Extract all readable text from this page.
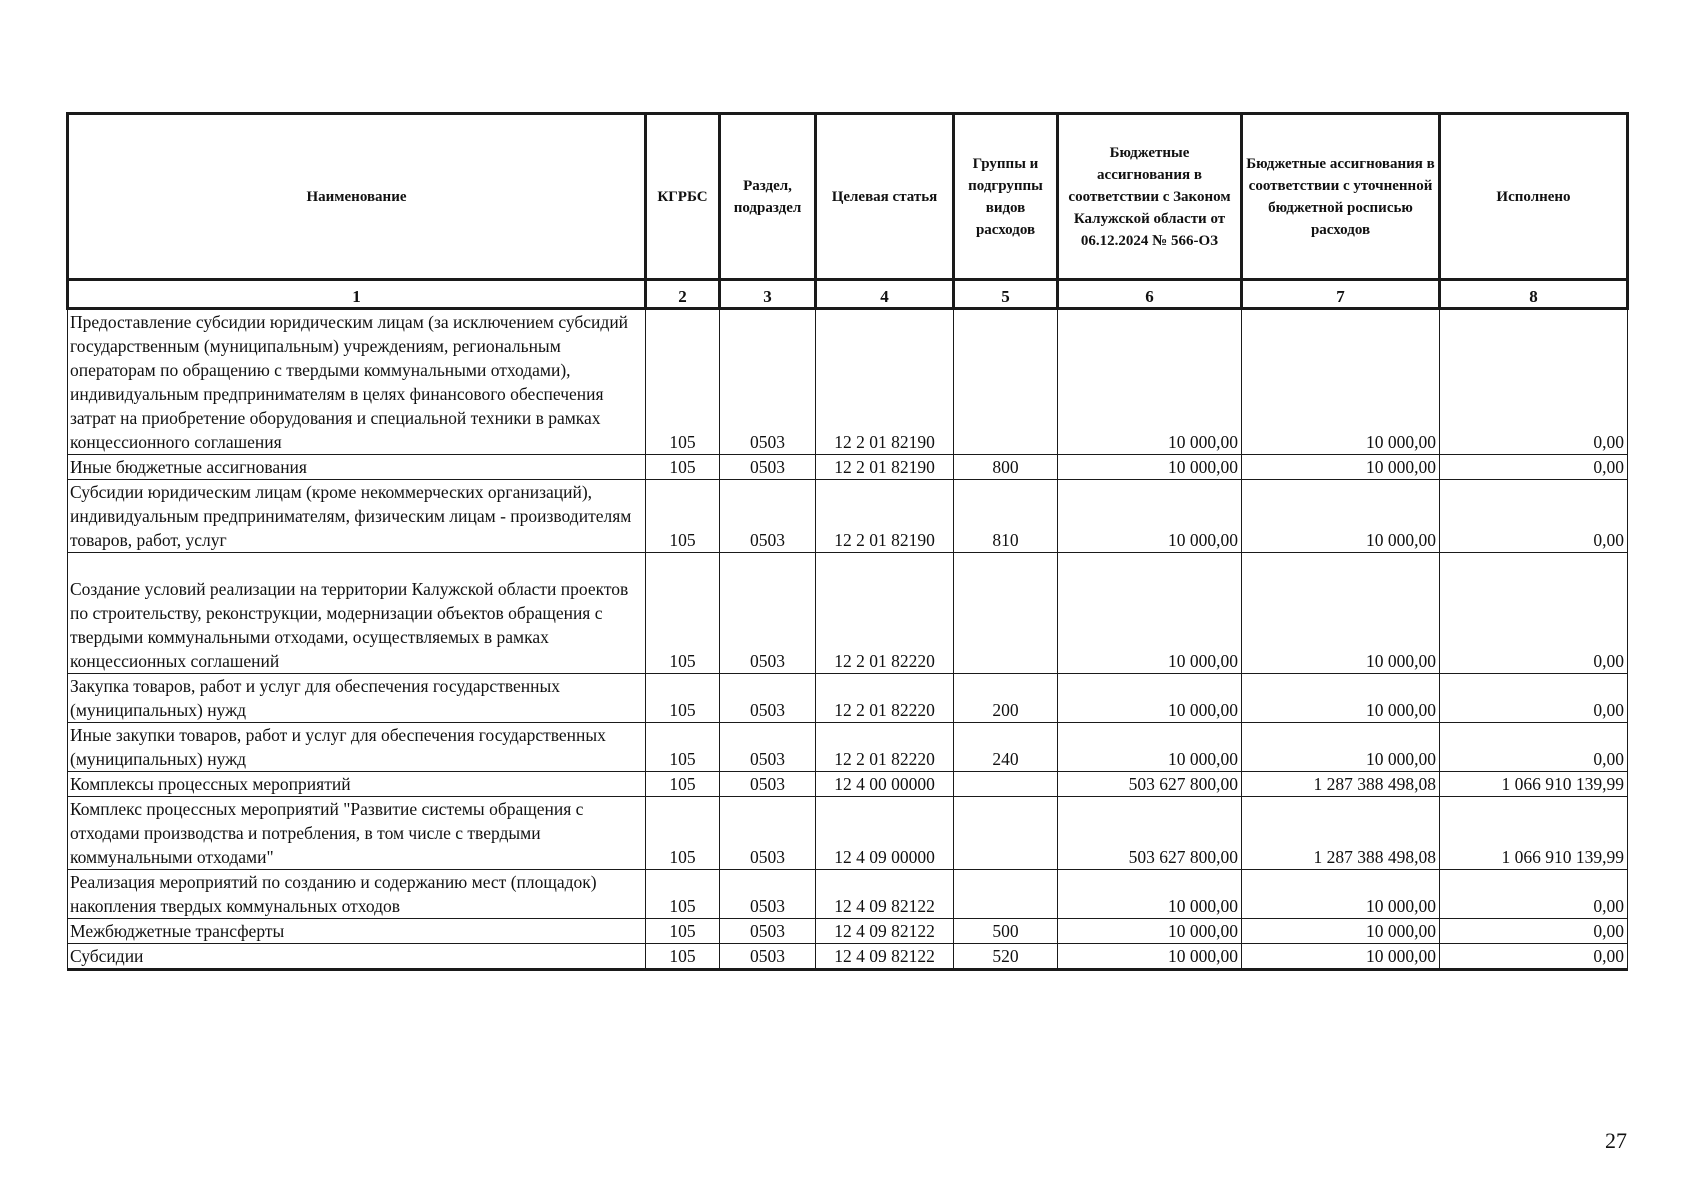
Наименование	КГРБС	Раздел, подраздел	Целевая статья	Группы и подгруппы видов расходов	Бюджетные ассигнования в соответствии с Законом Калужской области от 06.12.2024 № 566-ОЗ	Бюджетные ассигнования в соответствии с уточненной бюджетной росписью расходов	Исполнено
1	2	3	4	5	6	7	8
Предоставление субсидии юридическим лицам (за исключением субсидий государственным (муниципальным) учреждениям, региональным операторам по обращению с твердыми коммунальными отходами), индивидуальным предпринимателям в целях финансового обеспечения затрат на приобретение оборудования и специальной техники в рамках концессионного соглашения	105	0503	12 2 01 82190		10 000,00	10 000,00	0,00
Иные бюджетные ассигнования	105	0503	12 2 01 82190	800	10 000,00	10 000,00	0,00
Субсидии юридическим лицам (кроме некоммерческих организаций), индивидуальным предпринимателям, физическим лицам - производителям товаров, работ, услуг	105	0503	12 2 01 82190	810	10 000,00	10 000,00	0,00

Создание условий реализации на территории Калужской области проектов по строительству, реконструкции, модернизации объектов обращения с твердыми коммунальными отходами, осуществляемых в рамках концессионных соглашений	105	0503	12 2 01 82220		10 000,00	10 000,00	0,00
Закупка товаров, работ и услуг для обеспечения государственных (муниципальных) нужд	105	0503	12 2 01 82220	200	10 000,00	10 000,00	0,00
Иные закупки товаров, работ и услуг для обеспечения государственных (муниципальных) нужд	105	0503	12 2 01 82220	240	10 000,00	10 000,00	0,00
Комплексы процессных мероприятий	105	0503	12 4 00 00000		503 627 800,00	1 287 388 498,08	1 066 910 139,99
Комплекс процессных мероприятий "Развитие системы обращения с отходами производства и потребления, в том числе с твердыми коммунальными отходами"	105	0503	12 4 09 00000		503 627 800,00	1 287 388 498,08	1 066 910 139,99
Реализация мероприятий по созданию и содержанию мест (площадок) накопления твердых коммунальных отходов	105	0503	12 4 09 82122		10 000,00	10 000,00	0,00
Межбюджетные трансферты	105	0503	12 4 09 82122	500	10 000,00	10 000,00	0,00
Субсидии	105	0503	12 4 09 82122	520	10 000,00	10 000,00	0,00
27
